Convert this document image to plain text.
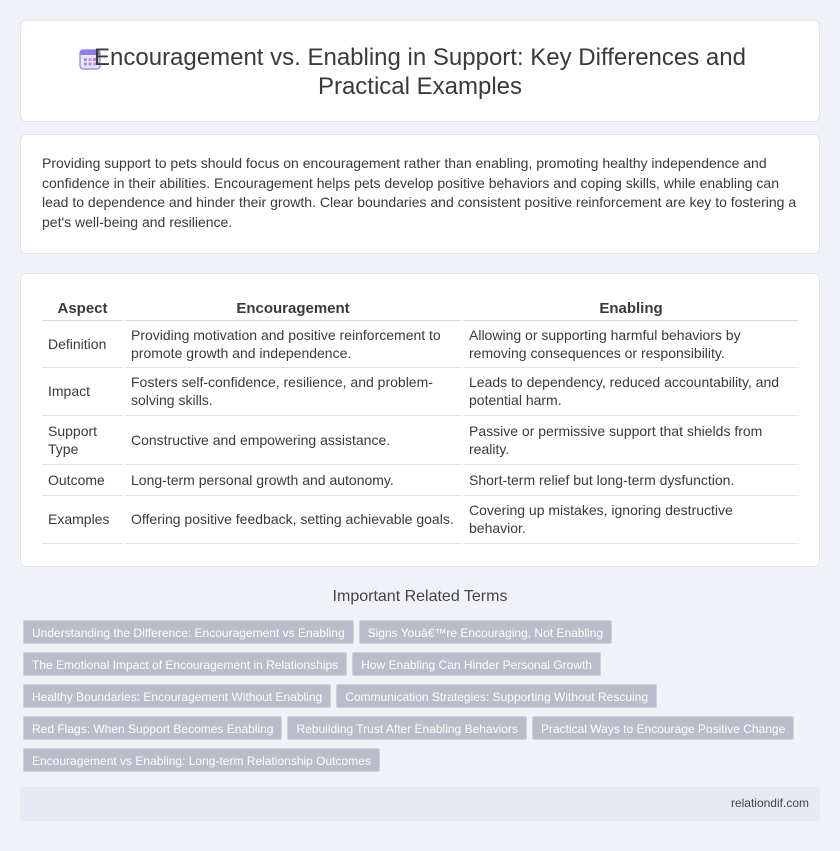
Encouragement vs. Enabling in Support: Key Differences and Practical Examples

Providing support to pets should focus on encouragement rather than enabling, promoting healthy independence and confidence in their abilities. Encouragement helps pets develop positive behaviors and coping skills, while enabling can lead to dependence and hinder their growth. Clear boundaries and consistent positive reinforcement are key to fostering a pet's well-being and resilience.

Aspect	Encouragement	Enabling
Definition	Providing motivation and positive reinforcement to promote growth and independence.	Allowing or supporting harmful behaviors by removing consequences or responsibility.
Impact	Fosters self-confidence, resilience, and problem-solving skills.	Leads to dependency, reduced accountability, and potential harm.
Support Type	Constructive and empowering assistance.	Passive or permissive support that shields from reality.
Outcome	Long-term personal growth and autonomy.	Short-term relief but long-term dysfunction.
Examples	Offering positive feedback, setting achievable goals.	Covering up mistakes, ignoring destructive behavior.
Important Related Terms
Understanding the Difference: Encouragement vs Enabling Signs Youâ€™re Encouraging, Not Enabling
The Emotional Impact of Encouragement in Relationships How Enabling Can Hinder Personal Growth
Healthy Boundaries: Encouragement Without Enabling Communication Strategies: Supporting Without Rescuing
Red Flags: When Support Becomes Enabling Rebuilding Trust After Enabling Behaviors Practical Ways to Encourage Positive Change
Encouragement vs Enabling: Long-term Relationship Outcomes
relationdif.com
